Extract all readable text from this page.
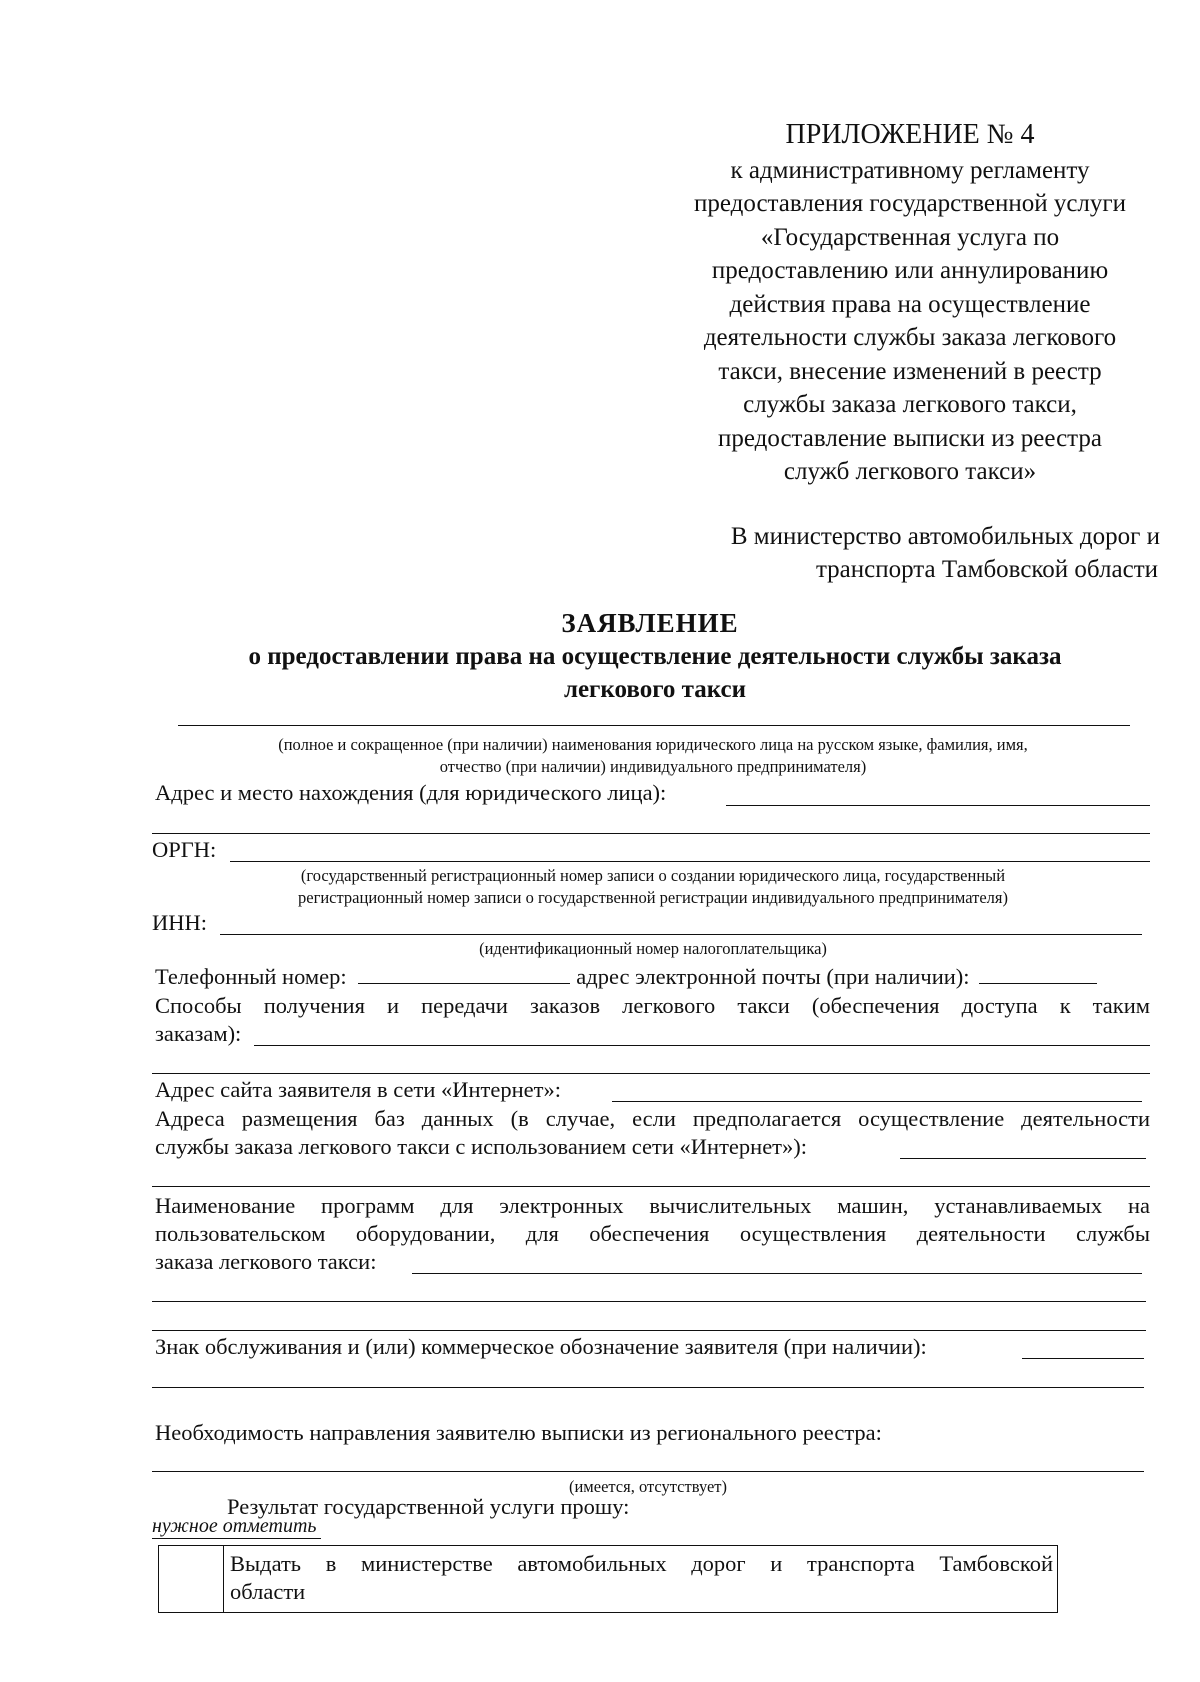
ПРИЛОЖЕНИЕ № 4
к административному регламенту
предоставления государственной услуги
«Государственная услуга по
предоставлению или аннулированию
действия права на осуществление
деятельности службы заказа легкового
такси, внесение изменений в реестр
службы заказа легкового такси,
предоставление выписки из реестра
служб легкового такси»
В министерство автомобильных дорог и
транспорта Тамбовской области
ЗАЯВЛЕНИЕ
о предоставлении права на осуществление деятельности службы заказа
легкового такси
(полное и сокращенное (при наличии) наименования юридического лица на русском языке, фамилия, имя,
отчество (при наличии) индивидуального предпринимателя)
Адрес и место нахождения (для юридического лица):
ОРГН:
(государственный регистрационный номер записи о создании юридического лица, государственный
регистрационный номер записи о государственной регистрации индивидуального предпринимателя)
ИНН:
(идентификационный номер налогоплательщика)
Телефонный номер:	адрес электронной почты (при наличии):
Способы получения и передачи заказов легкового такси (обеспечения доступа к таким
заказам):
Адрес сайта заявителя в сети «Интернет»:
Адреса размещения баз данных (в случае, если предполагается осуществление деятельности
службы заказа легкового такси с использованием сети «Интернет»):
Наименование программ для электронных вычислительных машин, устанавливаемых на
пользовательском оборудовании, для обеспечения осуществления деятельности службы
заказа легкового такси:
Знак обслуживания и (или) коммерческое обозначение заявителя (при наличии):
Необходимость направления заявителю выписки из регионального реестра:
(имеется, отсутствует)
Результат государственной услуги прошу:
нужное отметить

Выдать в министерстве автомобильных дорог и транспорта Тамбовской
области
